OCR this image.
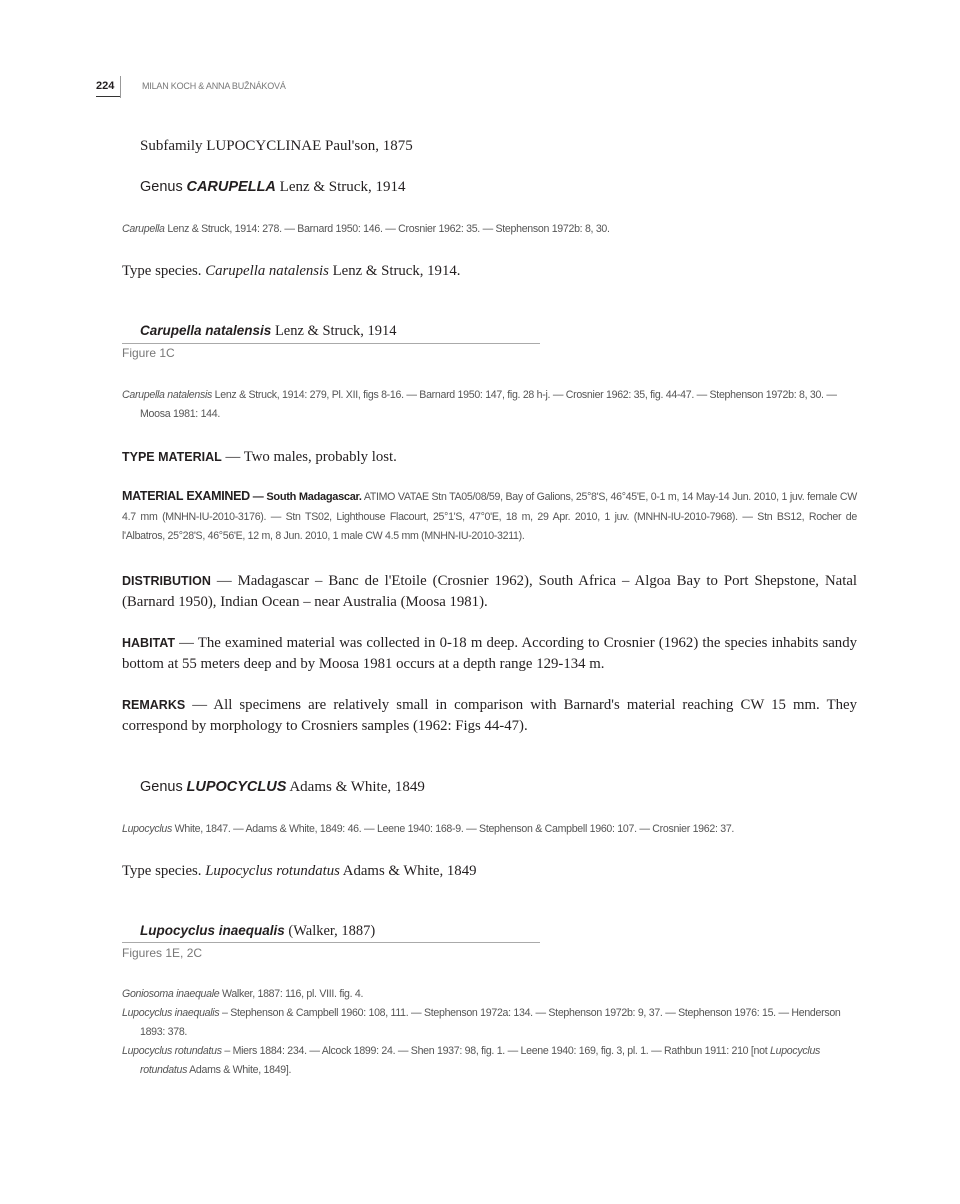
224	MILAN KOCH & ANNA BUŽNÁKOVÁ
Subfamily LUPOCYCLINAE Paul'son, 1875
Genus CARUPELLA Lenz & Struck, 1914

Carupella Lenz & Struck, 1914: 278. — Barnard 1950: 146. — Crosnier 1962: 35. — Stephenson 1972b: 8, 30.

Type species. Carupella natalensis Lenz & Struck, 1914.
Carupella natalensis Lenz & Struck, 1914
Figure 1C

Carupella natalensis Lenz & Struck, 1914: 279, Pl. XII, figs 8-16. — Barnard 1950: 147, fig. 28 h-j. — Crosnier 1962: 35, fig. 44-47. — Stephenson 1972b: 8, 30. — Moosa 1981: 144.

TYPE MATERIAL — Two males, probably lost.
MATERIAL EXAMINED — South Madagascar. ATIMO VATAE Stn TA05/08/59, Bay of Galions, 25°8'S, 46°45'E, 0-1 m, 14 May-14 Jun. 2010, 1 juv. female CW 4.7 mm (MNHN-IU-2010-3176). — Stn TS02, Lighthouse Flacourt, 25°1'S, 47°0'E, 18 m, 29 Apr. 2010, 1 juv. (MNHN-IU-2010-7968). — Stn BS12, Rocher de l'Albatros, 25°28'S, 46°56'E, 12 m, 8 Jun. 2010, 1 male CW 4.5 mm (MNHN-IU-2010-3211).
DISTRIBUTION — Madagascar – Banc de l'Etoile (Crosnier 1962), South Africa – Algoa Bay to Port Shepstone, Natal (Barnard 1950), Indian Ocean – near Australia (Moosa 1981).
HABITAT — The examined material was collected in 0-18 m deep. According to Crosnier (1962) the species inhabits sandy bottom at 55 meters deep and by Moosa 1981 occurs at a depth range 129-134 m.
REMARKS — All specimens are relatively small in comparison with Barnard's material reaching CW 15 mm. They correspond by morphology to Crosniers samples (1962: Figs 44-47).
Genus LUPOCYCLUS Adams & White, 1849

Lupocyclus White, 1847. — Adams & White, 1849: 46. — Leene 1940: 168-9. — Stephenson & Campbell 1960: 107. — Crosnier 1962: 37.

Type species. Lupocyclus rotundatus Adams & White, 1849
Lupocyclus inaequalis (Walker, 1887)
Figures 1E, 2C

Goniosoma inaequale Walker, 1887: 116, pl. VIII. fig. 4.

Lupocyclus inaequalis – Stephenson & Campbell 1960: 108, 111. — Stephenson 1972a: 134. — Stephenson 1972b: 9, 37. — Stephenson 1976: 15. — Henderson 1893: 378.

Lupocyclus rotundatus – Miers 1884: 234. — Alcock 1899: 24. — Shen 1937: 98, fig. 1. — Leene 1940: 169, fig. 3, pl. 1. — Rathbun 1911: 210 [not Lupocyclus rotundatus Adams & White, 1849].
